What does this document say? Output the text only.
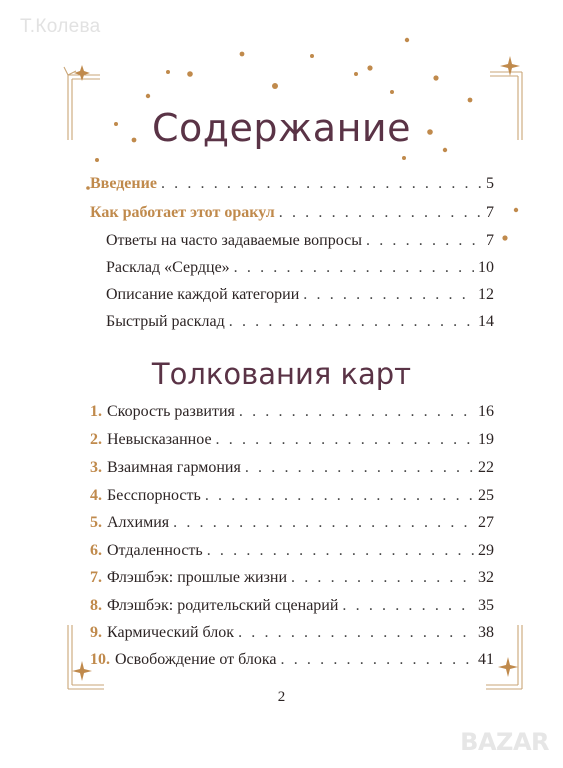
Т.Колева
Содержание
Введение . . .	5
Как работает этот оракул . . .	7
Ответы на часто задаваемые вопросы . . .	7
Расклад «Сердце» . . .	10
Описание каждой категории . . .	12
Быстрый расклад . . .	14
Толкования карт
1. Скорость развития . . .	16
2. Невысказанное . . .	19
3. Взаимная гармония . . .	22
4. Бесспорность . . .	25
5. Алхимия . . .	27
6. Отдаленность . . .	29
7. Флэшбэк: прошлые жизни . . .	32
8. Флэшбэк: родительский сценарий . . .	35
9. Кармический блок . . .	38
10. Освобождение от блока . . .	41
2
BAZAR
